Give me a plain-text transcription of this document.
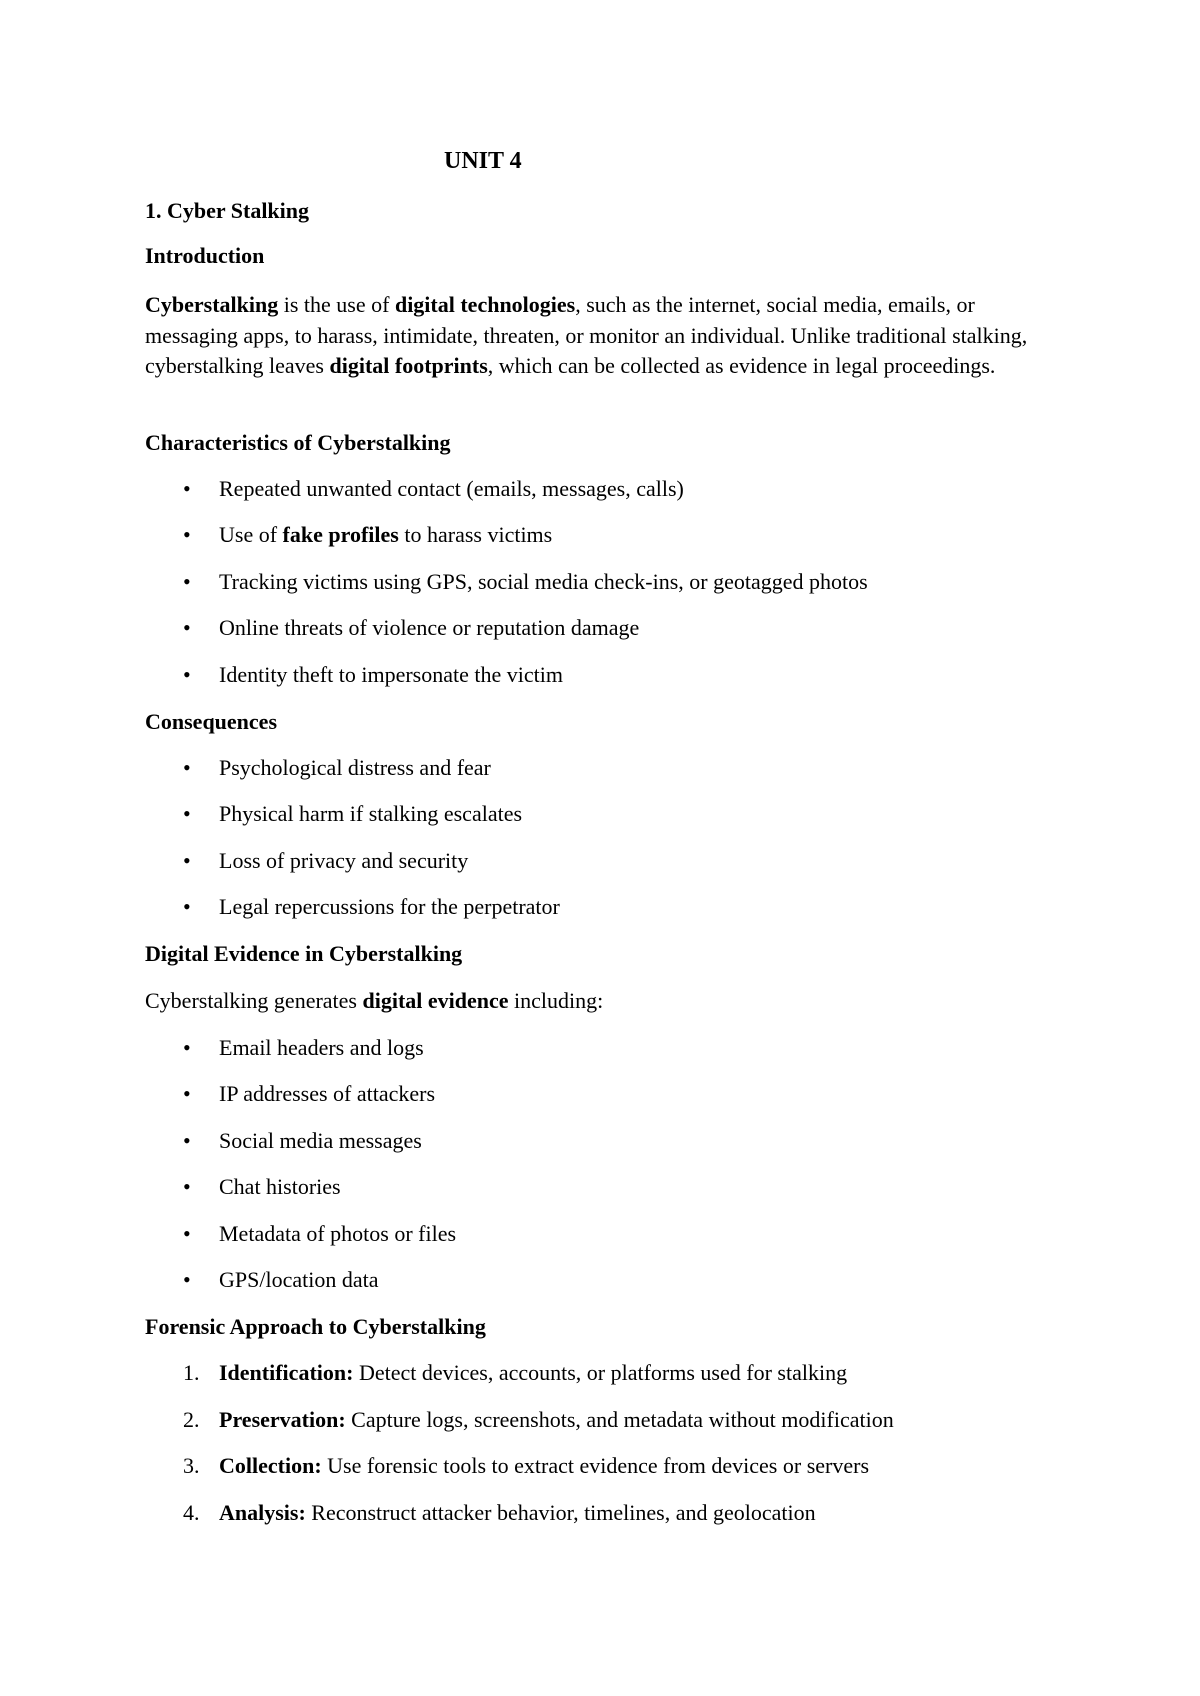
UNIT 4
1. Cyber Stalking
Introduction
Cyberstalking is the use of digital technologies, such as the internet, social media, emails, or messaging apps, to harass, intimidate, threaten, or monitor an individual. Unlike traditional stalking, cyberstalking leaves digital footprints, which can be collected as evidence in legal proceedings.
Characteristics of Cyberstalking
• Repeated unwanted contact (emails, messages, calls)
• Use of fake profiles to harass victims
• Tracking victims using GPS, social media check-ins, or geotagged photos
• Online threats of violence or reputation damage
• Identity theft to impersonate the victim
Consequences
• Psychological distress and fear
• Physical harm if stalking escalates
• Loss of privacy and security
• Legal repercussions for the perpetrator
Digital Evidence in Cyberstalking
Cyberstalking generates digital evidence including:
• Email headers and logs
• IP addresses of attackers
• Social media messages
• Chat histories
• Metadata of photos or files
• GPS/location data
Forensic Approach to Cyberstalking
1. Identification: Detect devices, accounts, or platforms used for stalking
2. Preservation: Capture logs, screenshots, and metadata without modification
3. Collection: Use forensic tools to extract evidence from devices or servers
4. Analysis: Reconstruct attacker behavior, timelines, and geolocation
